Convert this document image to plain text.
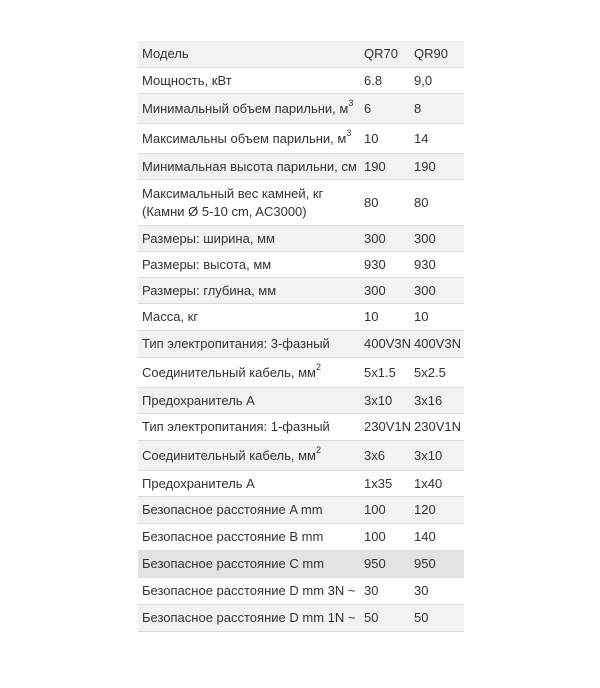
Модель	QR70	QR90
Мощность, кВт	6.8	9,0
Минимальный объем парильни, $м^3$	6	8
Максимальны объем парильни, $м^3$	10	14
Минимальная высота парильни, см	190	190
Максимальный вес камней, кг
(Камни Ø 5-10 cm, AC3000)	80	80
Размеры: ширина, мм	300	300
Размеры: высота, мм	930	930
Размеры: глубина, мм	300	300
Масса, кг	10	10
Тип электропитания: 3-фазный	400V3N	400V3N
Соединительный кабель, $мм^2$	5x1.5	5x2.5
Предохранитель А	3x10	3x16
Тип электропитания: 1-фазный	230V1N	230V1N
Соединительный кабель, $мм^2$	3x6	3x10
Предохранитель А	1x35	1x40
Безопасное расстояние A mm	100	120
Безопасное расстояние B mm	100	140
Безопасное расстояние C mm	950	950
Безопасное расстояние D mm 3N ~	30	30
Безопасное расстояние D mm 1N ~	50	50
